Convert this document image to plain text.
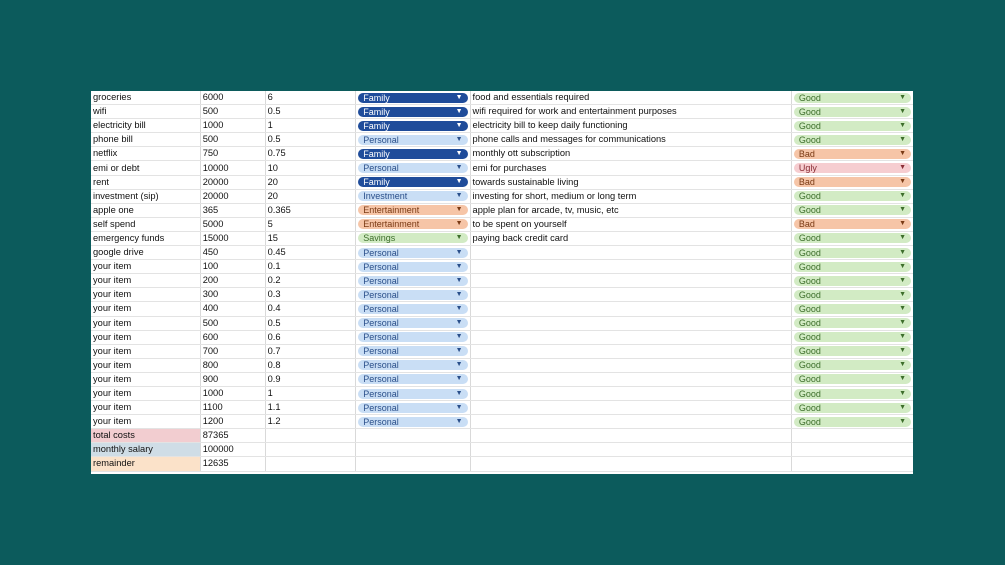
groceries	6000	6	Family ▼	food and essentials required	Good ▼

wifi	500	0.5	Family ▼	wifi required for work and entertainment purposes	Good ▼

electricity bill	1000	1	Family ▼	electricity bill to keep daily functioning	Good ▼

phone bill	500	0.5	Personal ▼	phone calls and messages for communications	Good ▼

netflix	750	0.75	Family ▼	monthly ott subscription	Bad ▼

emi or debt	10000	10	Personal ▼	emi for purchases	Ugly ▼

rent	20000	20	Family ▼	towards sustainable living	Bad ▼

investment (sip)	20000	20	Investment ▼	investing for short, medium or long term	Good ▼

apple one	365	0.365	Entertainment ▼	apple plan for arcade, tv, music, etc	Good ▼

self spend	5000	5	Entertainment ▼	to be spent on yourself	Bad ▼

emergency funds	15000	15	Savings ▼	paying back credit card	Good ▼

google drive	450	0.45	Personal ▼		Good ▼

your item	100	0.1	Personal ▼		Good ▼

your item	200	0.2	Personal ▼		Good ▼

your item	300	0.3	Personal ▼		Good ▼

your item	400	0.4	Personal ▼		Good ▼

your item	500	0.5	Personal ▼		Good ▼

your item	600	0.6	Personal ▼		Good ▼

your item	700	0.7	Personal ▼		Good ▼

your item	800	0.8	Personal ▼		Good ▼

your item	900	0.9	Personal ▼		Good ▼

your item	1000	1	Personal ▼		Good ▼

your item	1100	1.1	Personal ▼		Good ▼

your item	1200	1.2	Personal ▼		Good ▼

total costs	87365				
monthly salary	100000				
remainder	12635				
